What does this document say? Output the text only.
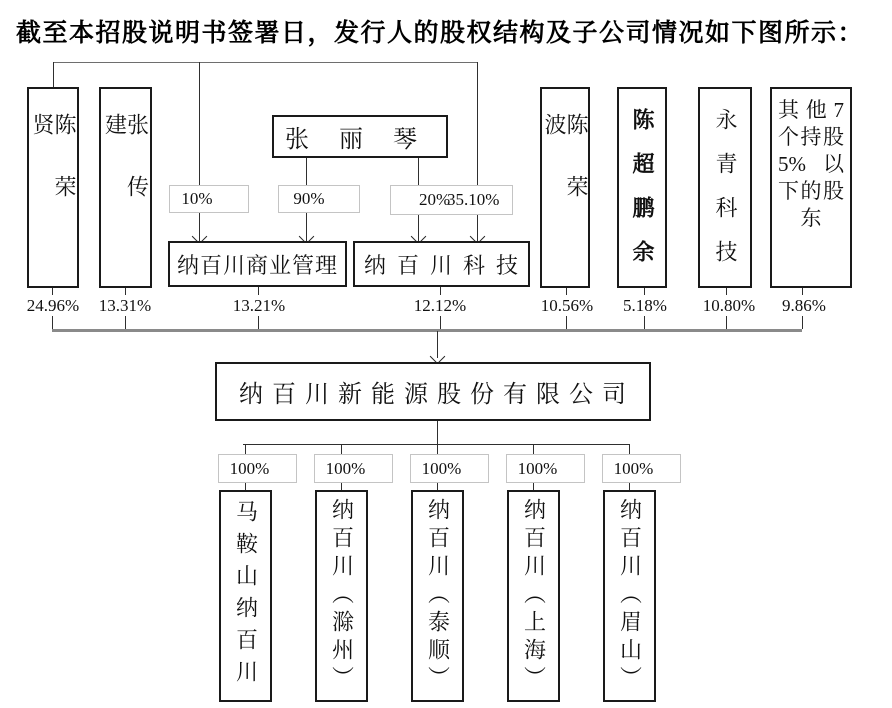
截至本招股说明书签署日，发行人的股权结构及子公司情况如下图所示：
陈荣贤	张传建	张丽琴
纳百川商业管理	纳百川科技
陈荣波	陈超鹏余	永青科技 其他7个持股5%以下的股东
10%	90%	20%
35.10%
24.96% 13.31%	13.21%	12.12%	10.56% 5.18% 10.80% 9.86%
纳百川新能源股份有限公司
100%	100%	100%	100%	100%
马鞍山纳百川	纳百川（滁州）	纳百川（泰顺）	纳百川（上海）	纳百川（眉山）
